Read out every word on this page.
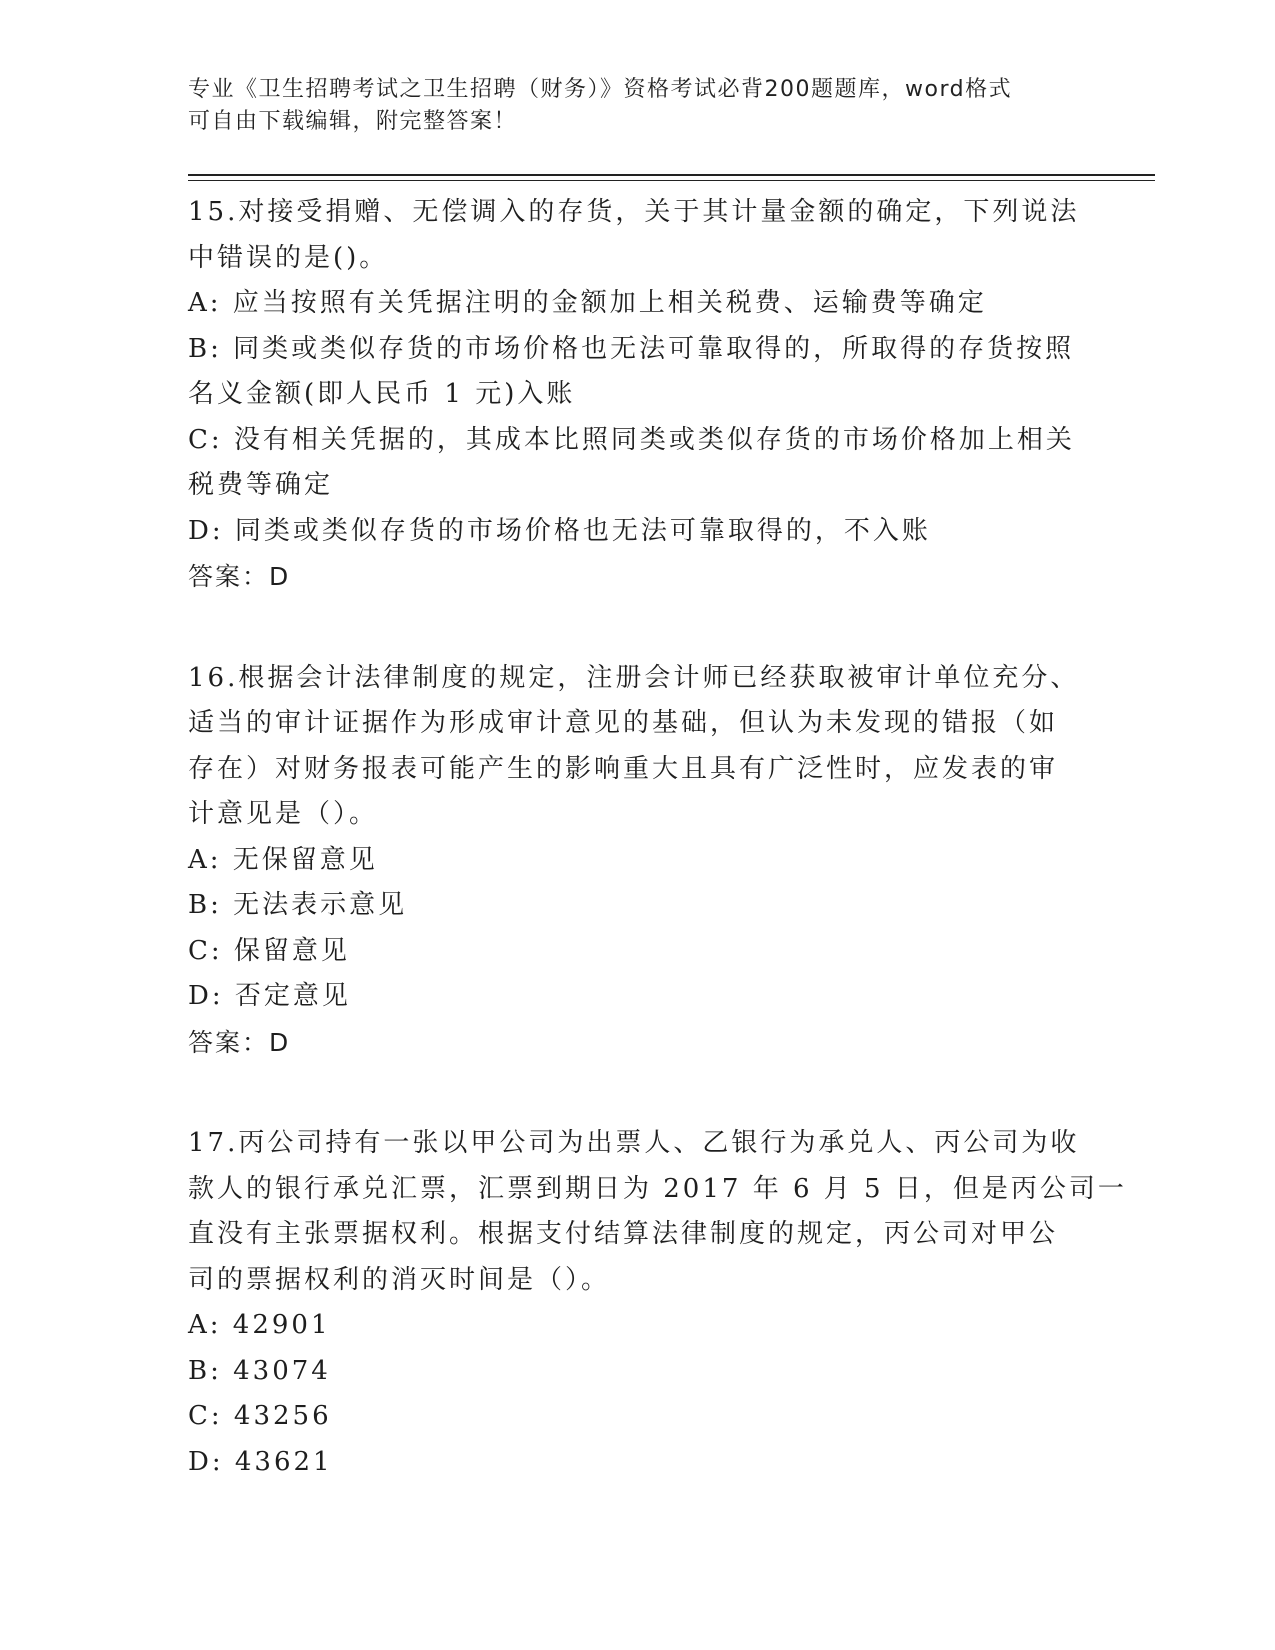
专业《卫生招聘考试之卫生招聘（财务）》资格考试必背200题题库，word格式

可自由下载编辑，附完整答案！

15.对接受捐赠、无偿调入的存货，关于其计量金额的确定，下列说法

中错误的是()。

A: 应当按照有关凭据注明的金额加上相关税费、运输费等确定

B: 同类或类似存货的市场价格也无法可靠取得的，所取得的存货按照

名义金额(即人民币 1 元)入账

C: 没有相关凭据的，其成本比照同类或类似存货的市场价格加上相关

税费等确定

D: 同类或类似存货的市场价格也无法可靠取得的，不入账

答案：D

16.根据会计法律制度的规定，注册会计师已经获取被审计单位充分、

适当的审计证据作为形成审计意见的基础，但认为未发现的错报（如

存在）对财务报表可能产生的影响重大且具有广泛性时，应发表的审

计意见是（）。

A: 无保留意见

B: 无法表示意见

C: 保留意见

D: 否定意见

答案：D

17.丙公司持有一张以甲公司为出票人、乙银行为承兑人、丙公司为收

款人的银行承兑汇票，汇票到期日为 2017 年 6 月 5 日，但是丙公司一

直没有主张票据权利。根据支付结算法律制度的规定，丙公司对甲公

司的票据权利的消灭时间是（）。

A: 42901

B: 43074

C: 43256

D: 43621
